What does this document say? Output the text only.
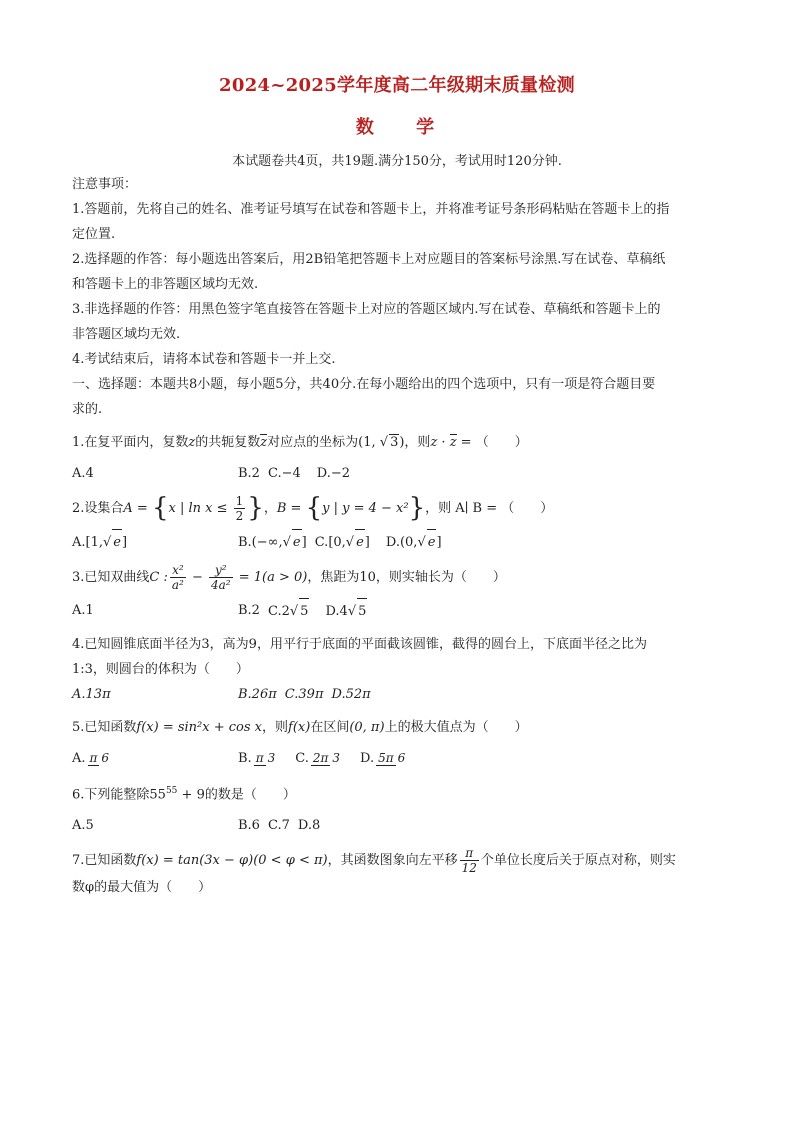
2024~2025学年度高二年级期末质量检测
数 学
本试题卷共4页，共19题.满分150分，考试用时120分钟.

注意事项：

1.答题前，先将自己的姓名、准考证号填写在试卷和答题卡上，并将准考证号条形码粘贴在答题卡上的指

定位置.

2.选择题的作答：每小题选出答案后，用2B铅笔把答题卡上对应题目的答案标号涂黑.写在试卷、草稿纸

和答题卡上的非答题区域均无效.

3.非选择题的作答：用黑色签字笔直接答在答题卡上对应的答题区域内.写在试卷、草稿纸和答题卡上的

非答题区域均无效.

4.考试结束后，请将本试卷和答题卡一并上交.

一、选择题：本题共8小题，每小题5分，共40分.在每小题给出的四个选项中，只有一项是符合题目要

求的.

1.在复平面内，复数z的共轭复数z对应点的坐标为(1, √ 3)，则z · z = （　　）
A.4	B.2 C.−4 D.−2
2.设集合A = {x | $\ln x \le \frac{1}{2}$ }，B = {y | y = 4 − x²}，则 A∣ B = （　　）
A.[1,√ e]	B.(−∞,√ e] C.[0,√ e] D.(0,√ e]
3.已知双曲线C : $\frac{\text{x²}}{\text{a²}} - \frac{\text{y²}}{\text{4a²}} = 1(a > 0)$，焦距为10，则实轴长为（　　）
A.1	B.2 C.2√ 5 D.4√ 5
4.已知圆锥底面半径为3，高为9，用平行于底面的平面截该圆锥，截得的圆台上，下底面半径之比为
1:3，则圆台的体积为（　　）
A.13π	B.26π C.39π D.52π
5.已知函数f(x) = sin²x + cos x，则f(x)在区间(0, π)上的极大值点为（　　）
A. π 6	B. π 3	C. 2π 3	D. 5π 6
6.下列能整除$55^{55} + 9$的数是（　　）
A.5	B.6 C.7 D.8
7.已知函数f(x) = tan(3x − φ)(0 < φ < π)，其函数图象向左平移 $\frac{\pi}{12}$ 个单位长度后关于原点对称，则实
数φ的最大值为（　　）
